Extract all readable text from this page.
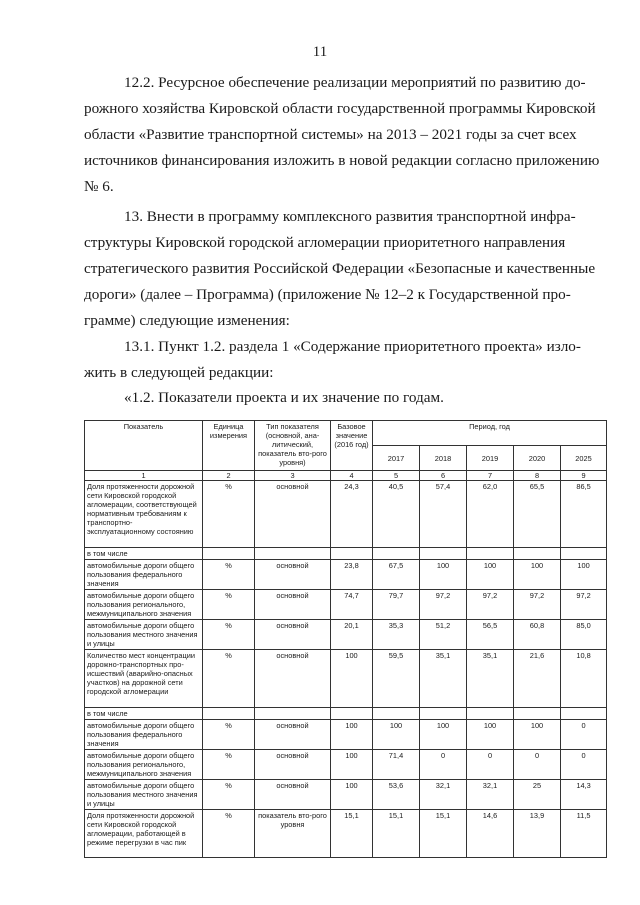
11
12.2. Ресурсное обеспечение реализации мероприятий по развитию до-
рожного хозяйства Кировской области государственной программы Кировской
области «Развитие транспортной системы» на 2013 – 2021 годы за счет всех
источников финансирования изложить в новой редакции согласно приложению
№ 6.
13. Внести в программу комплексного развития транспортной инфра-
структуры Кировской городской агломерации приоритетного направления
стратегического развития Российской Федерации «Безопасные и качественные
дороги» (далее – Программа) (приложение № 12–2 к Государственной про-
грамме) следующие изменения:
13.1. Пункт 1.2. раздела 1 «Содержание приоритетного проекта» излo-
жить в следующей редакции:
«1.2. Показатели проекта и их значение по годам.
Показатель	Единица измерения	Тип показателя (основной, ана-литический, показатель вто-рого уровня)	Базовое значение (2016 год)	Период, год				
				2017	2018	2019	2020	2025
1	2	3	4	5	6	7	8	9
Доля протяженности дорожной сети Кировской городской агломерации, соответствующей нормативным требованиям к транспортно-эксплуатационному состоянию	%	основной	24,3	40,5	57,4	62,0	65,5	86,5
в том числе								
автомобильные дороги общего пользования федерального значения	%	основной	23,8	67,5	100	100	100	100
автомобильные дороги общего пользования регионального, межмуниципального значения	%	основной	74,7	79,7	97,2	97,2	97,2	97,2
автомобильные дороги общего пользования местного значения и улицы	%	основной	20,1	35,3	51,2	56,5	60,8	85,0
Количество мест концентрации дорожно-транспортных про-исшествий (аварийно-опасных участков) на дорожной сети городской агломерации	%	основной	100	59,5	35,1	35,1	21,6	10,8
в том числе								
автомобильные дороги общего пользования федерального значения	%	основной	100	100	100	100	100	0
автомобильные дороги общего пользования регионального, межмуниципального значения	%	основной	100	71,4	0	0	0	0
автомобильные дороги общего пользования местного значения и улицы	%	основной	100	53,6	32,1	32,1	25	14,3
Доля протяженности дорожной сети Кировской городской агломерации, работающей в режиме перегрузки в час пик	%	показатель вто-рого уровня	15,1	15,1	15,1	14,6	13,9	11,5
